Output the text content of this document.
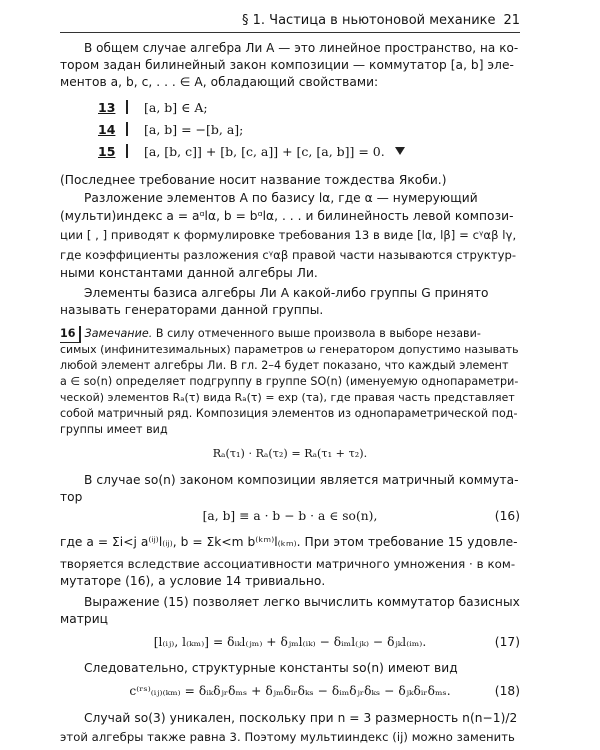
§ 1. Частица в ньютоновой механике 21
В общем случае алгебра Ли A — это линейное пространство, на ко-
тором задан билинейный закон композиции — коммутатор [a, b] эле-
ментов a, b, c, . . . ∈ A, обладающий свойствами:
13 [a, b] ∈ A;
14 [a, b] = −[b, a];
15 [a, [b, c]] + [b, [c, a]] + [c, [a, b]] = 0.
(Последнее требование носит название тождества Якоби.)
Разложение элементов A по базису lα, где α — нумерующий
(мульти)индекс a = aᵅlα, b = bᵅlα, . . . и билинейность левой компози-
ции [ , ] приводят к формулировке требования 13 в виде [lα, lβ] = cᵞαβ lγ,
где коэффициенты разложения cᵞαβ правой части называются структур-
ными константами данной алгебры Ли.
Элементы базиса алгебры Ли A какой-либо группы G принято
называть генераторами данной группы.
16 Замечание. В силу отмеченного выше произвола в выборе незави-
симых (инфинитезимальных) параметров ω генератором допустимо называть
любой элемент алгебры Ли. В гл. 2–4 будет показано, что каждый элемент
a ∈ so(n) определяет подгруппу в группе SO(n) (именуемую однопараметри-
ческой) элементов Rₐ(τ) вида Rₐ(τ) = exp (τa), где правая часть представляет
собой матричный ряд. Композиция элементов из однопараметрической под-
группы имеет вид
Rₐ(τ₁) · Rₐ(τ₂) = Rₐ(τ₁ + τ₂).
В случае so(n) законом композиции является матричный коммута-
тор
[a, b] ≡ a · b − b · a ∈ so(n),	(16)
где a = Σi<j a⁽ⁱʲ⁾l₍ᵢⱼ₎, b = Σk<m b⁽ᵏᵐ⁾l₍ₖₘ₎. При этом требование 15 удовле-
творяется вследствие ассоциативности матричного умножения · в ком-
мутаторе (16), а условие 14 тривиально.
Выражение (15) позволяет легко вычислить коммутатор базисных
матриц
[l₍ᵢⱼ₎, l₍ₖₘ₎] = δᵢₖl₍ⱼₘ₎ + δⱼₘl₍ᵢₖ₎ − δᵢₘl₍ⱼₖ₎ − δⱼₖl₍ᵢₘ₎.	(17)
Следовательно, структурные константы so(n) имеют вид
c⁽ʳˢ⁾₍ᵢⱼ₎₍ₖₘ₎ = δᵢₖδⱼᵣδₘₛ + δⱼₘδᵢᵣδₖₛ − δᵢₘδⱼᵣδₖₛ − δⱼₖδᵢᵣδₘₛ.	(18)
Случай so(3) уникален, поскольку при n = 3 размерность n(n−1)/2
этой алгебры также равна 3. Поэтому мультииндекс (ij) можно заменить
